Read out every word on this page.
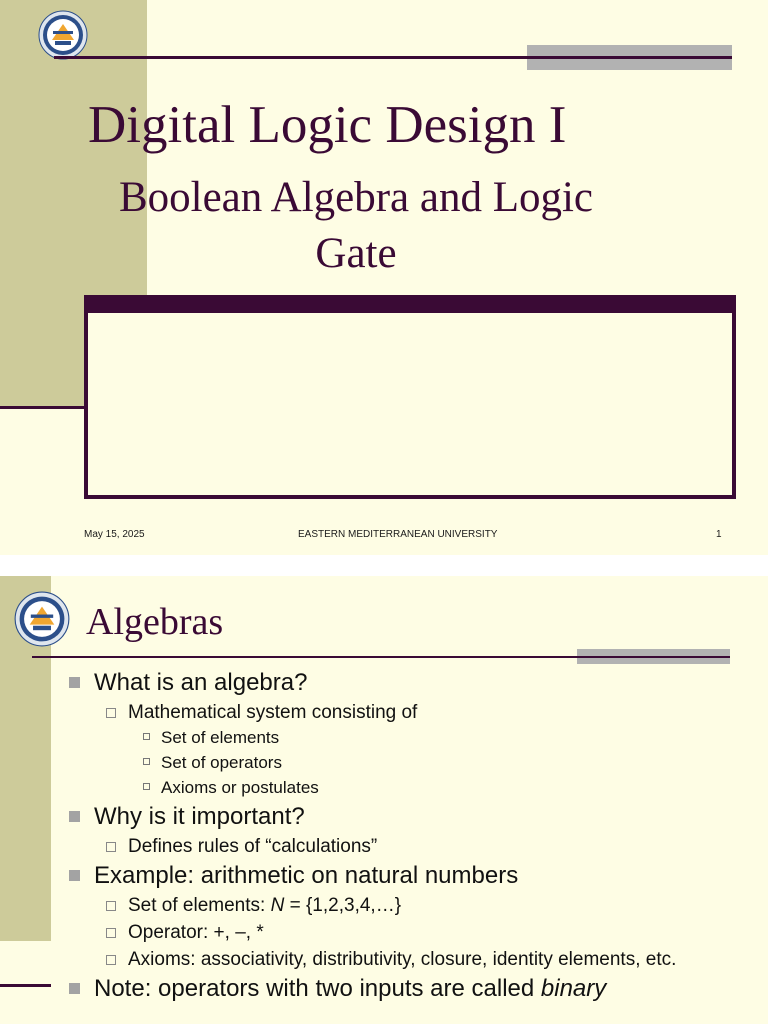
Digital Logic Design I
Boolean Algebra and Logic
Gate
May 15, 2025	EASTERN MEDITERRANEAN UNIVERSITY	1
Algebras
What is an algebra?
Mathematical system consisting of
Set of elements
Set of operators
Axioms or postulates
Why is it important?
Defines rules of “calculations”
Example: arithmetic on natural numbers
Set of elements: N = {1,2,3,4,…}
Operator: +, –, *
Axioms: associativity, distributivity, closure, identity elements, etc.
Note: operators with two inputs are called binary
